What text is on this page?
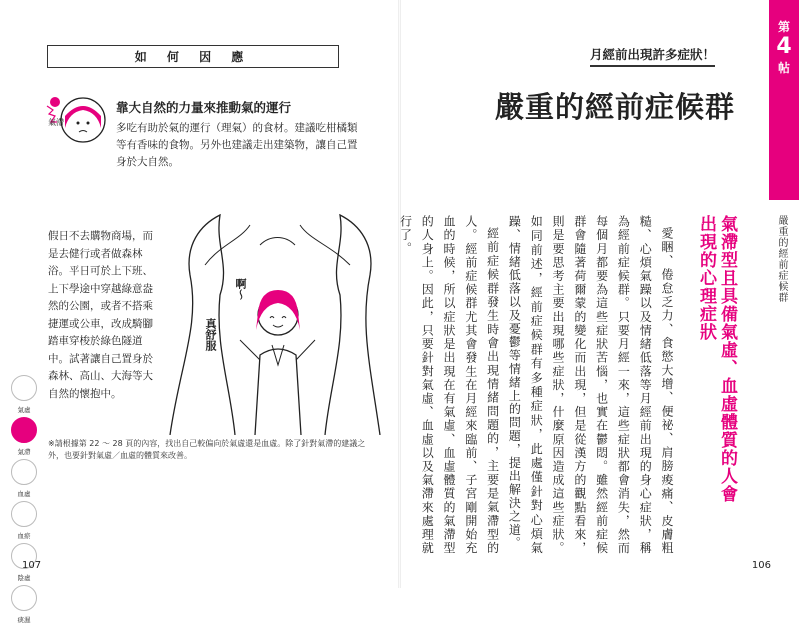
如 何 因 應
氣滯
靠大自然的力量來推動氣的運行
多吃有助於氣的運行（理氣）的食材。建議吃柑橘類等有香味的食物。另外也建議走出建築物，讓自己置身於大自然。
假日不去購物商場，而是去健行或者做森林浴。平日可於上下班、上下學途中穿越綠意盎然的公園，或者不搭乘捷運或公車，改成騎腳踏車穿梭於綠色隧道中。試著讓自己置身於森林、高山、大海等大自然的懷抱中。
啊～
真舒服
氣虛
氣滯
血虛
血瘀
陰虛
痰濕
※請根據第 22 ～ 28 頁的內容，找出自己較偏向於氣虛還是血虛。除了針對氣滯的建議之外，也要針對氣虛／血虛的體質來改善。
107
月經前出現許多症狀！
嚴重的經前症候群
第
4
帖
嚴重的經前症候群
氣滯型且具備氣虛、血虛體質的人會出現的心理症狀

愛睏、倦怠乏力、食慾大增、便祕、肩膀痠痛、皮膚粗糙、心煩氣躁以及情緒低落等月經前出現的身心症狀，稱為經前症候群。只要月經一來，這些症狀都會消失，然而每個月都要為這些症狀苦惱，也實在鬱悶。雖然經前症候群會隨著荷爾蒙的變化而出現，但是從漢方的觀點看來，則是要思考主要出現哪些症狀，什麼原因造成這些症狀。如同前述，經前症候群有多種症狀，此處僅針對心煩氣躁、情緒低落以及憂鬱等情緒上的問題，提出解決之道。

經前症候群發生時會出現情緒問題的，主要是氣滯型的人。經前症候群尤其會發生在月經來臨前、子宮剛開始充血的時候，所以症狀是出現在有氣虛、血虛體質的氣滯型的人身上。因此，只要針對氣虛、血虛以及氣滯來處理就行了。

106
